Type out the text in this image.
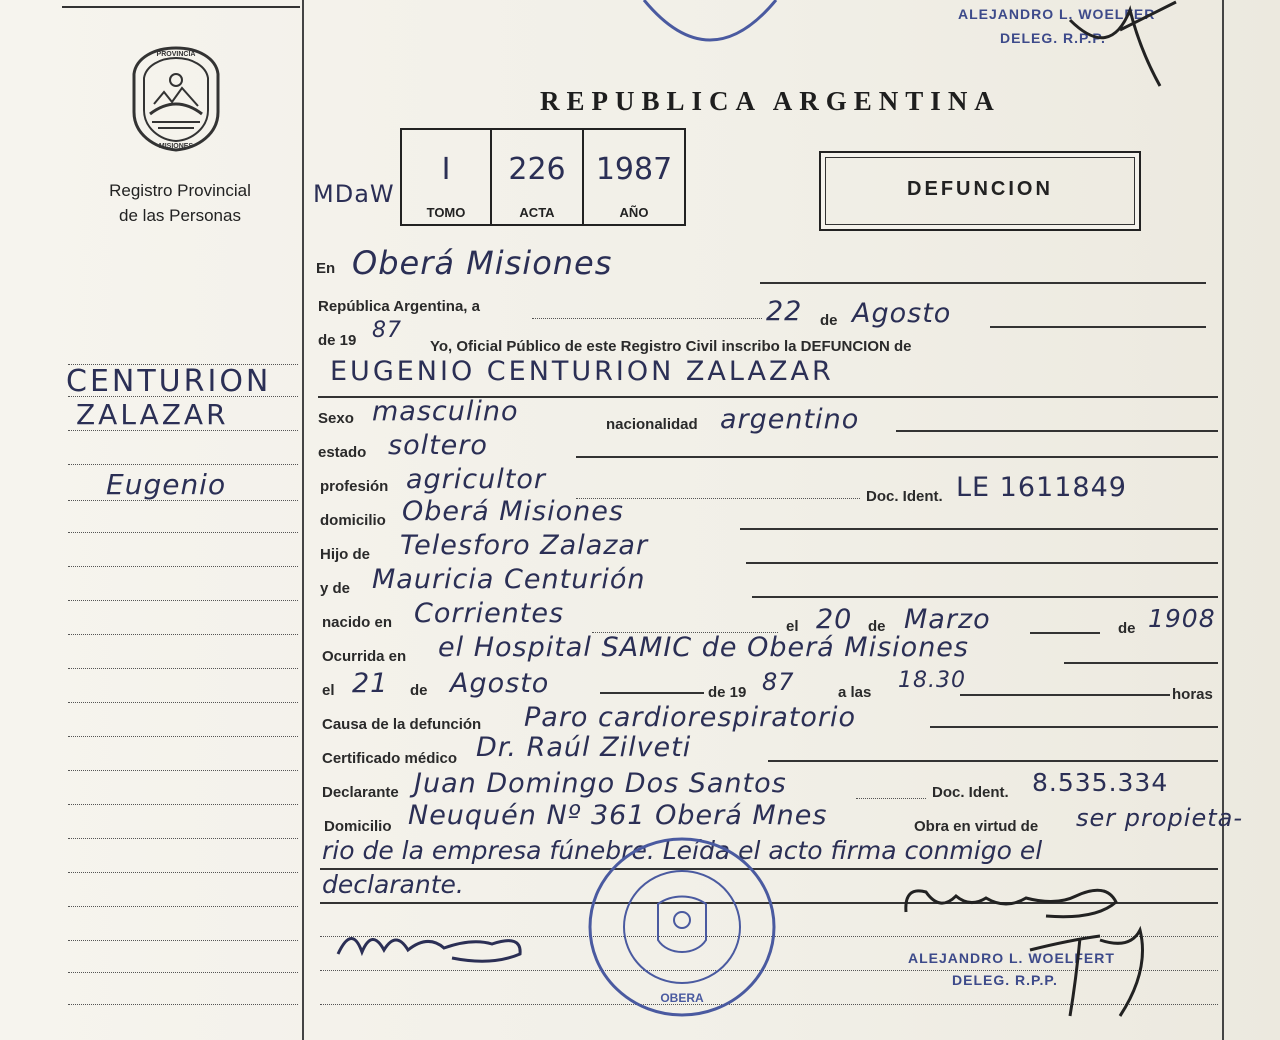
PROVINCIA
MISIONES
Registro Provincial
de las Personas
CENTURION
ZALAZAR
Eugenio
REPUBLICA ARGENTINA
MDaW
I
TOMO
226
ACTA
1987
AÑO
DEFUNCION
ALEJANDRO L. WOELFER
DELEG. R.P.P.
En Oberá Misiones
República Argentina, a	22 de Agosto
de 19 87
Yo, Oficial Público de este Registro Civil inscribo la DEFUNCION de
EUGENIO CENTURION ZALAZAR
Sexo masculino	nacionalidad argentino
estado soltero
profesión agricultor
Doc. Ident. LE 1611849
domicilio Oberá Misiones
Hijo de Telesforo Zalazar
y de Mauricia Centurión
nacido en Corrientes	el 20 de Marzo	de 1908
Ocurrida en el Hospital SAMIC de Oberá Misiones
el 21 de Agosto	de 19 87	a las 18.30
horas
Causa de la defunción Paro cardiorespiratorio
Certificado médico Dr. Raúl Zilveti
Declarante Juan Domingo Dos Santos	Doc. Ident. 8.535.334
Domicilio Neuquén Nº 361 Oberá Mnes	Obra en virtud de ser propieta-
rio de la empresa fúnebre. Leída el acto firma conmigo el
declarante.
OBERA
ALEJANDRO L. WOELFERT
DELEG. R.P.P.
